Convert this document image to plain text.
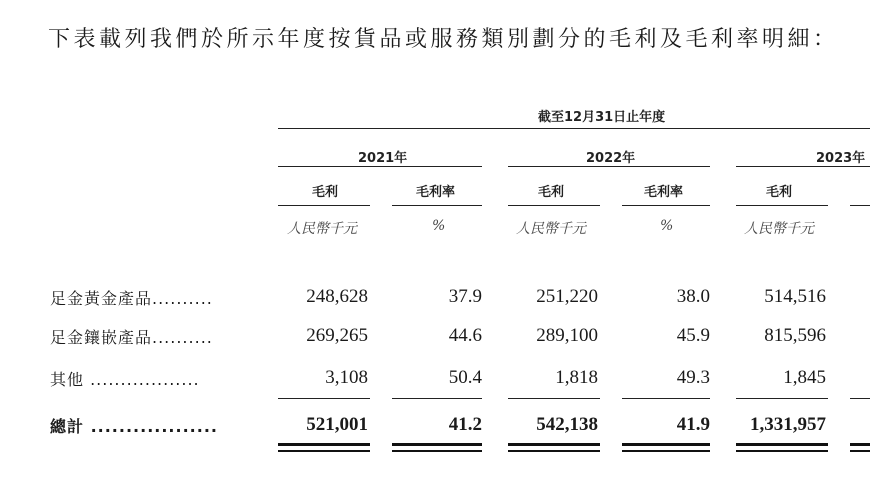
下表載列我們於所示年度按貨品或服務類別劃分的毛利及毛利率明細：
截至12月31日止年度
2021年	2022年	2023年
毛利	毛利率	毛利	毛利率	毛利
人民幣千元	%	人民幣千元	%	人民幣千元
足金黃金產品..........	248,628	37.9	251,220	38.0	514,516
足金鑲嵌產品..........	269,265	44.6	289,100	45.9	815,596
其他 ..................	3,108	50.4	1,818	49.3	1,845
總計 ..................	521,001	41.2	542,138	41.9 1,331,957
